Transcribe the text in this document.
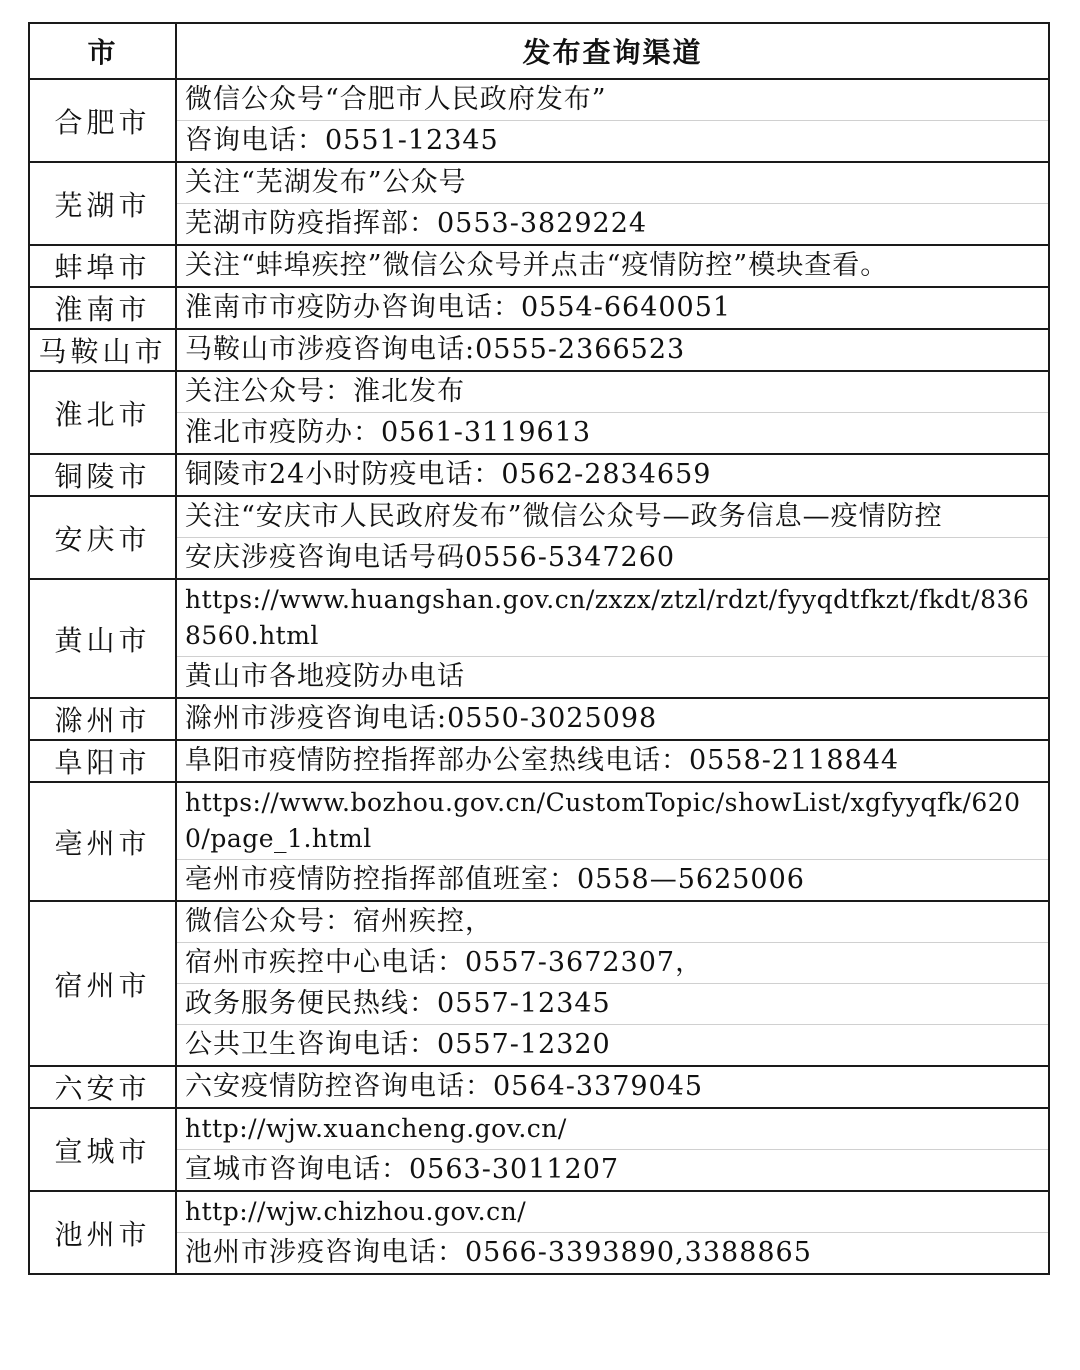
市	发布查询渠道
合肥市	微信公众号“合肥市人民政府发布”
咨询电话：0551-12345

芜湖市	关注“芜湖发布”公众号
芜湖市防疫指挥部：0553-3829224

蚌埠市	关注“蚌埠疾控”微信公众号并点击“疫情防控”模块查看。

淮南市	淮南市市疫防办咨询电话：0554-6640051

马鞍山市	马鞍山市涉疫咨询电话:0555-2366523

淮北市	关注公众号：淮北发布
淮北市疫防办：0561-3119613

铜陵市	铜陵市24小时防疫电话：0562-2834659

安庆市	关注“安庆市人民政府发布”微信公众号—政务信息—疫情防控
安庆涉疫咨询电话号码0556-5347260

黄山市	https://www.huangshan.gov.cn/zxzx/ztzl/rdzt/fyyqdtfkzt/fkdt/8368560.html
黄山市各地疫防办电话

滁州市	滁州市涉疫咨询电话:0550-3025098

阜阳市	阜阳市疫情防控指挥部办公室热线电话：0558-2118844

亳州市	https://www.bozhou.gov.cn/CustomTopic/showList/xgfyyqfk/6200/page_1.html
亳州市疫情防控指挥部值班室：0558—5625006

宿州市	微信公众号：宿州疾控，
宿州市疾控中心电话：0557-3672307，
政务服务便民热线：0557-12345
公共卫生咨询电话：0557-12320

六安市	六安疫情防控咨询电话：0564-3379045

宣城市	http://wjw.xuancheng.gov.cn/
宣城市咨询电话：0563-3011207

池州市	http://wjw.chizhou.gov.cn/
池州市涉疫咨询电话：0566-3393890,3388865
